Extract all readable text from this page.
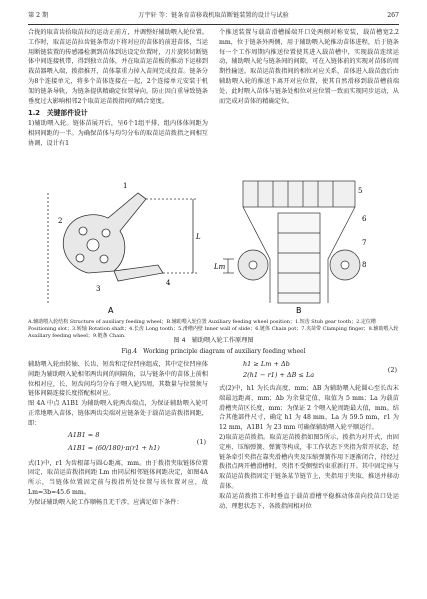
第 2 期	万宇轩 等：链条育苗移栽机取苗断链装置的设计与试验	267

合拢的取苗齿拾取苗拉的运动正前方，并调整好辅助喂入轮位置。工作时，取苗运苗拉齿链条带动下将对应的苗体的前进苗体，当运用断链装置的传感器检测到苗体到达设定位置时，刀片旋转切断链体中间连接机带，得到独立苗体，并在取苗运苗板的推动下运移到栽苗器喂入端，拨指推开，苗体靠重力掉入苗间完成投苗。链条分为8个连接单元，将多个苗体连接在一起，2个连接单元安装于机架的链条导轨，为链条提供精确定位置导向，防止因白重导致链条垂度过大影响相邻2个取苗运苗拨指间的啮合宽度。

1.2　关键部件设计

1)辅助喂入轮。链体苗展开后，呈6个1组平排，组内体体间距为相同间距的一半。为确保苗体与均匀分布的取苗运苗拨指之间相互协调，设计有1

个推送装置与载苗滑槽摇端开口处两侧对称安装，载苗槽宽2.2 mm，位于链条外两侧，用于辅助喂入轮推动苗体进程，后于链条每一个工作周期内推送位置使其进入载苗槽中，实现载苗连续运动，辅助喂入轮与链条间的间隙，可在入链体前的实现对苗体的周期性输送。取苗运苗拨指间的相位对应关系，苗体进入载苗盘后由辅助喂入轮的推送下离开对应位置，使其自然滑移到载苗槽前端处，此时喂入苗体与链条处相位对应位置一致而实现同步运动，从而完成对苗体的精确定位。

1
2
3
4
L
A
5
6
7
8
Lm
B
A.辅助喂入轮结构 Structure of auxiliary feeding wheel；B.辅助喂入轮位置 Auxiliary feeding wheel position；1.短齿 Stub gear tooth；2.定位槽 Positioning slot；3.转轴 Rotation shaft；4.长齿 Long tooth；5.滑槽内壁 Inner wall of slide；6.链体 Chain pot；7.夹苗带 Clamping finger；8.辅助喂入轮 Auxiliary feeding wheel；9.链条 Chain.
图 4　辅助喂入轮工作原理图
Fig.4　Working principle diagram of auxiliary feeding wheel

辅助喂入轮由转轴、长齿、短齿和定位凹座组成，其中定位凹座体间距为辅助喂入轮相邻两齿间的间隔角，以与链条中的苗体上前相位相对应，长、短齿间均匀分布于喂入轮四周，其数量与位置须与链体间隔连接长度搭配相对应。

图 4A 中点 A1B1 为辅助喂入轮两齿端点，为保证辅助喂入轮可正常地喂入苗体，链体两齿尖端对应链条处于载苗运苗拨指间距，即：

A1B1 = 8
A1B1 = (60/180)·π(r1 + h1)
(1)

式(1)中，r1 为齿根部与圆心距离，mm。由于拨指夹取链体位置固定，取苗运苗拨指间距 Lm 由同层相邻链体间距决定，如图4A所示，当链体位置固定前与拨指所处位置与该位置对应，故 Lm=3b=45.6 mm。

为保证辅助喂入轮工作顺畅且无干涉，应满足如下条件：

h1 ≥ Lm + Δb
2(h1 − r1) + ΔB ≤ La
(2)

式(2)中，h1 为长齿高度，mm；ΔB 为辅助喂入轮圆心至长齿末端最远距离，mm；Δb 为余量定值，取值为 5 mm；La 为载苗滑槽夹苗区长度，mm；为保证 2 个喂入轮周距最大值，mm。结合其他部件尺寸，确定 h1 为 48 mm，La 为 59.5 mm，r1 为 12 mm，A1B1 为 23 mm 可确保辅助喂入轮平顺运行。

2)取苗运苗拨指。取苗运苗拨指如图5所示，拨指为对开式，由固定座、压缩弹簧、弹簧等构成，非工作状态下夹指为常开状态，经链条牵引夹指在靠夹滑槽内夹及压缩弹簧作用下逐渐闭合，待经过拨指点两开槽滑槽时，夹指不受侧壁约束重新打开。其中固定座与取苗运苗拨指固定于链条某节链节上，夹指用于夹取、推送并移动苗体。

取苗运苗拨指工作时垂直于载苗滑槽平稳推动体苗向投苗口处运动，理想状态下，各拨指间相对位
